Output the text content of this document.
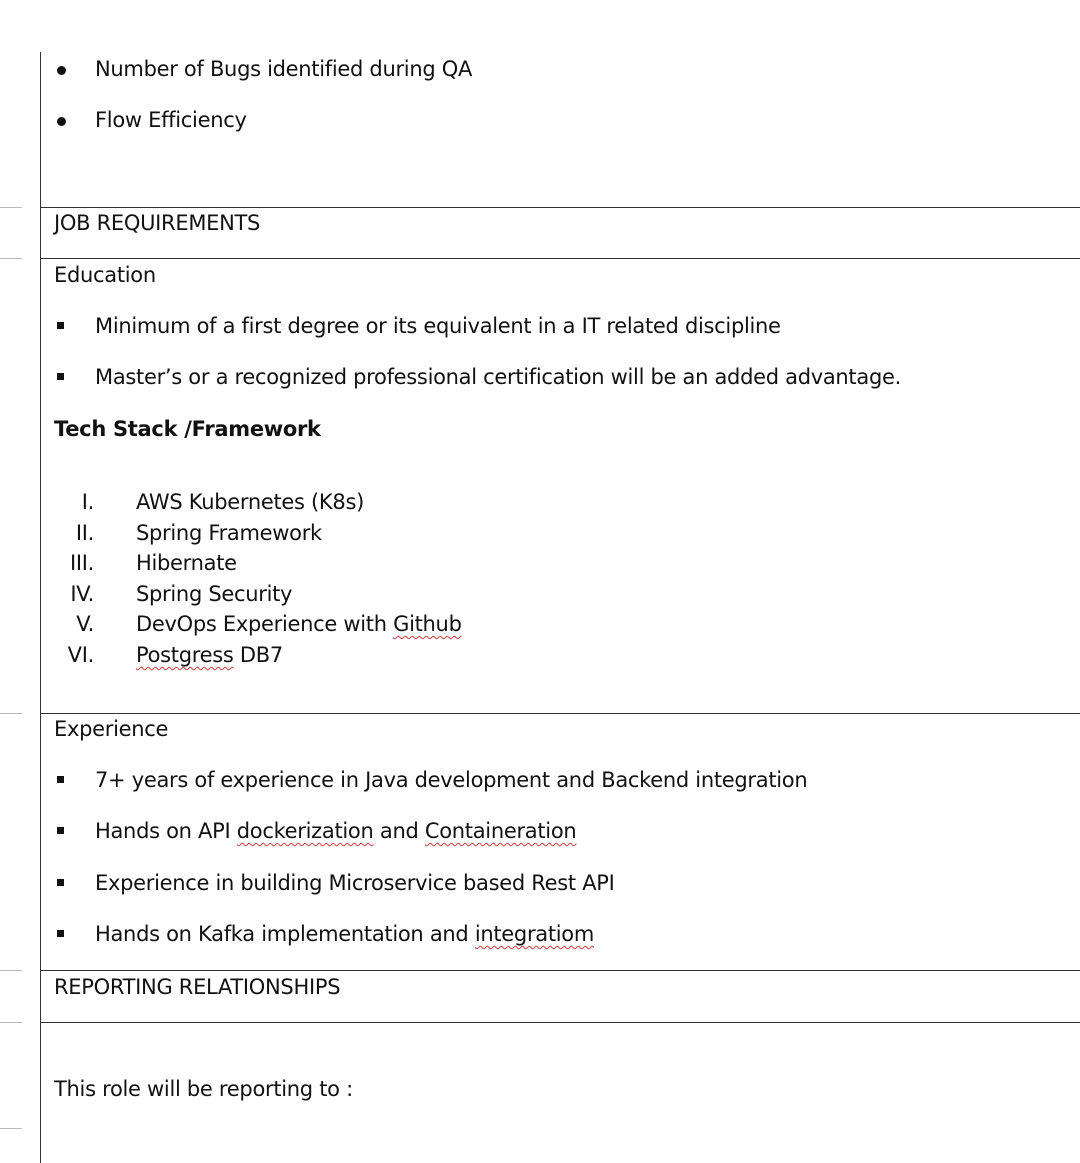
Number of Bugs identified during QA
Flow Efficiency
JOB REQUIREMENTS
Education
Minimum of a first degree or its equivalent in a IT related discipline
Master’s or a recognized professional certification will be an added advantage.
Tech Stack /Framework
I. AWS Kubernetes (K8s)
II. Spring Framework
III. Hibernate
IV. Spring Security
V. DevOps Experience with Github
VI. Postgress DB7
Experience
7+ years of experience in Java development and Backend integration
Hands on API dockerization and Containeration
Experience in building Microservice based Rest API
Hands on Kafka implementation and integratiom
REPORTING RELATIONSHIPS
This role will be reporting to :
